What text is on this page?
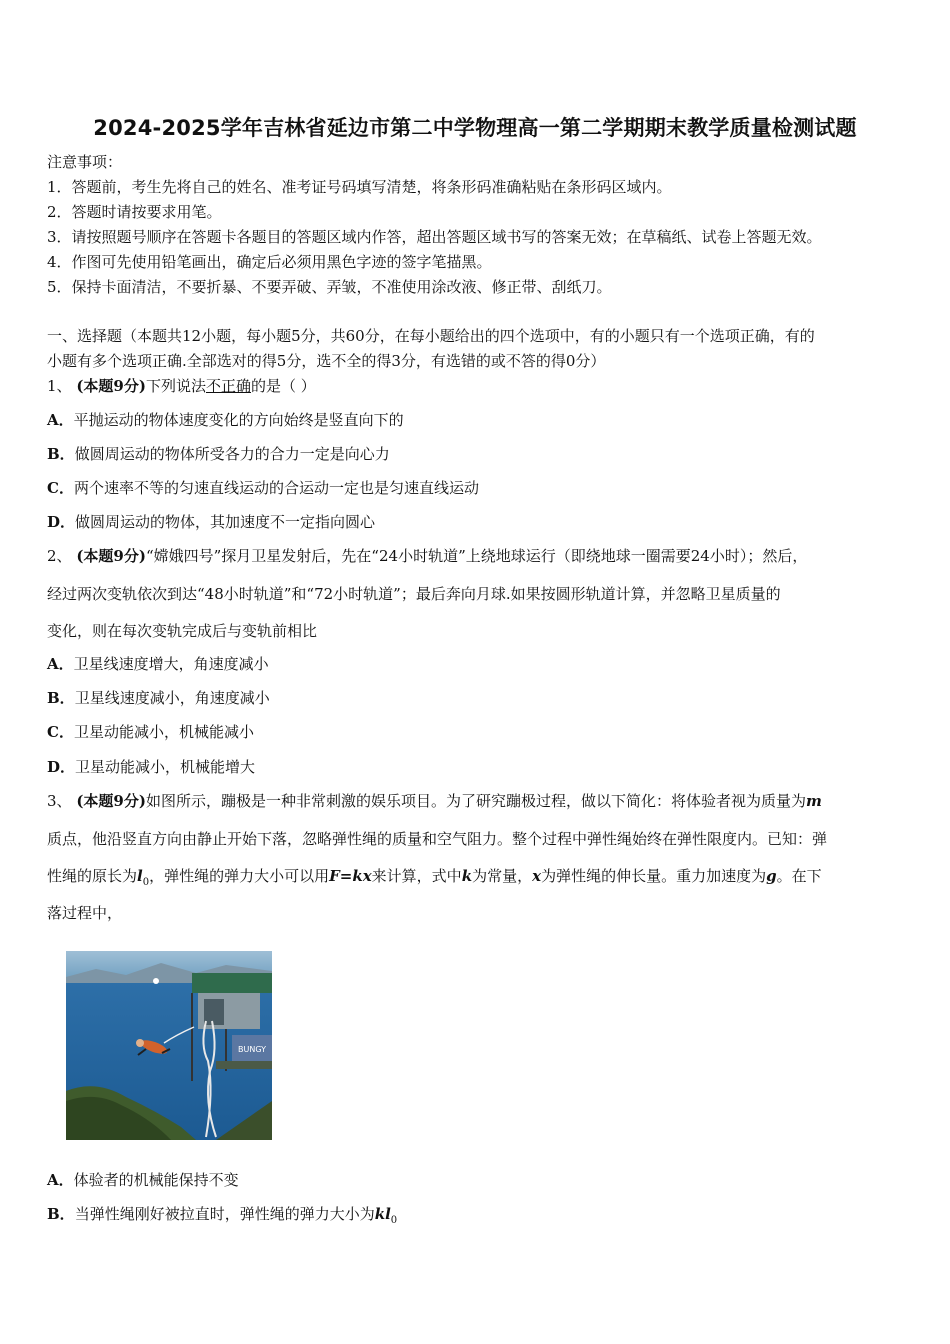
2024-2025学年吉林省延边市第二中学物理高一第二学期期末教学质量检测试题
注意事项：
1．答题前，考生先将自己的姓名、准考证号码填写清楚，将条形码准确粘贴在条形码区域内。
2．答题时请按要求用笔。
3．请按照题号顺序在答题卡各题目的答题区域内作答，超出答题区域书写的答案无效；在草稿纸、试卷上答题无效。
4．作图可先使用铅笔画出，确定后必须用黑色字迹的签字笔描黑。
5．保持卡面清洁，不要折暴、不要弄破、弄皱，不准使用涂改液、修正带、刮纸刀。
一、选择题（本题共12小题，每小题5分，共60分，在每小题给出的四个选项中，有的小题只有一个选项正确，有的
小题有多个选项正确.全部选对的得5分，选不全的得3分，有选错的或不答的得0分）
1、 (本题9分)下列说法不正确的是（ ）
A．平抛运动的物体速度变化的方向始终是竖直向下的
B．做圆周运动的物体所受各力的合力一定是向心力
C．两个速率不等的匀速直线运动的合运动一定也是匀速直线运动
D．做圆周运动的物体，其加速度不一定指向圆心
2、 (本题9分)“嫦娥四号”探月卫星发射后，先在“24小时轨道”上绕地球运行（即绕地球一圈需要24小时）；然后，
经过两次变轨依次到达“48小时轨道”和“72小时轨道”；最后奔向月球.如果按圆形轨道计算，并忽略卫星质量的
变化，则在每次变轨完成后与变轨前相比
A．卫星线速度增大，角速度减小
B．卫星线速度减小，角速度减小
C．卫星动能减小，机械能减小
D．卫星动能减小，机械能增大
3、 (本题9分)如图所示，蹦极是一种非常刺激的娱乐项目。为了研究蹦极过程，做以下简化：将体验者视为质量为m
质点，他沿竖直方向由静止开始下落，忽略弹性绳的质量和空气阻力。整个过程中弹性绳始终在弹性限度内。已知：弹
性绳的原长为$l_0$，弹性绳的弹力大小可以用F=kx来计算，式中k为常量，x为弹性绳的伸长量。重力加速度为g。在下
落过程中，
BUNGY
A．体验者的机械能保持不变
B．当弹性绳刚好被拉直时，弹性绳的弹力大小为$kl_0$
